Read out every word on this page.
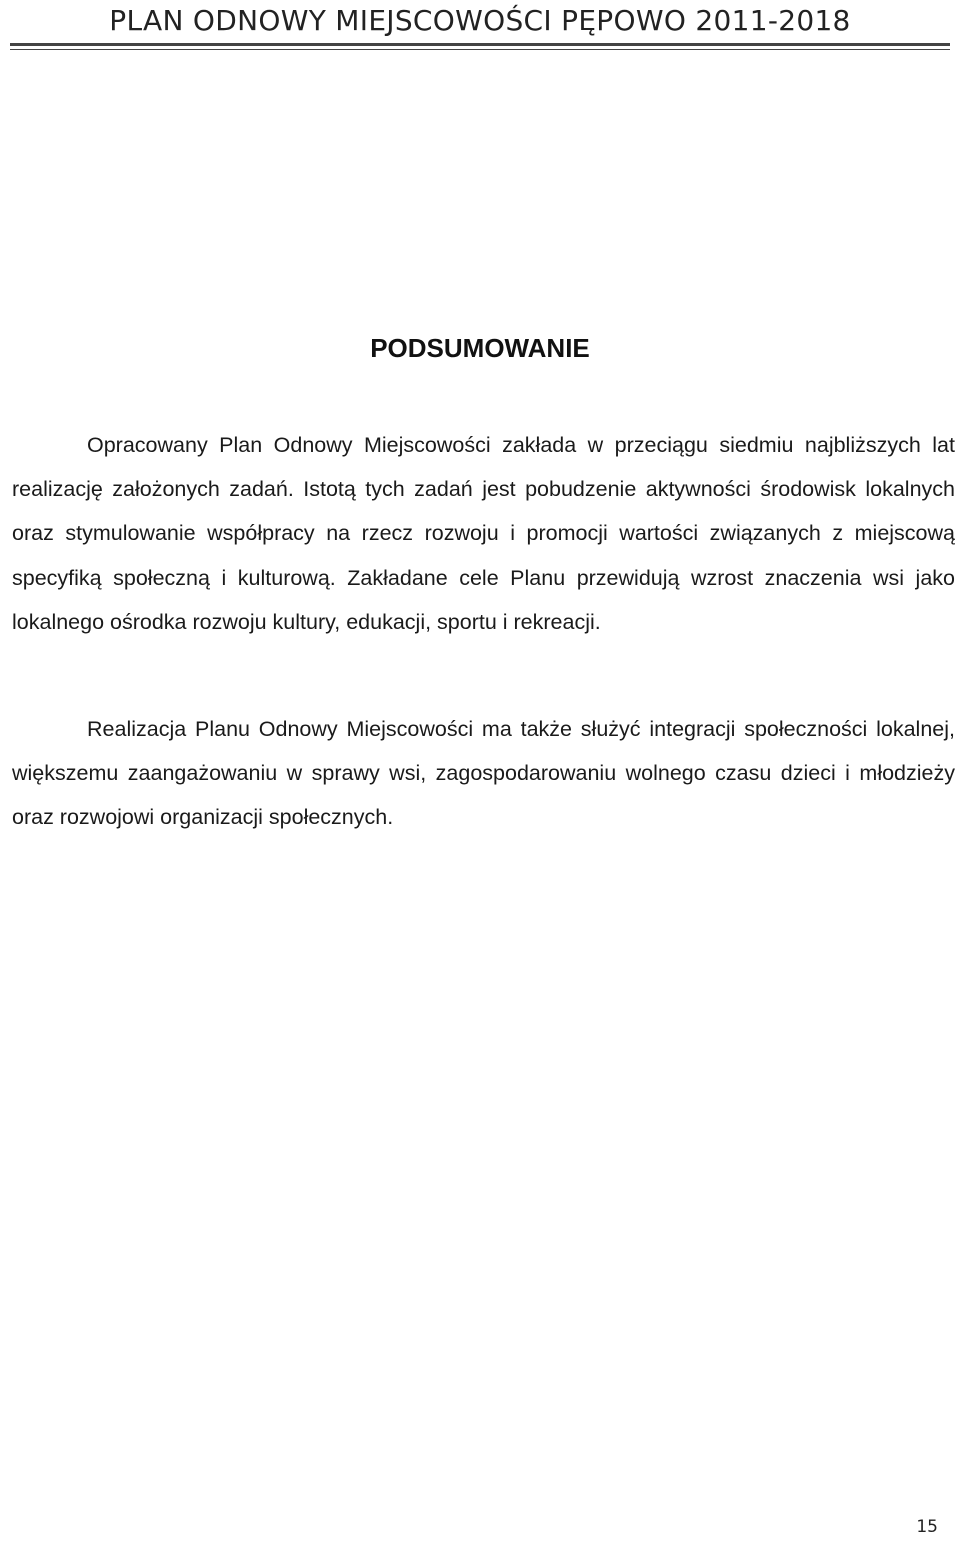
PLAN ODNOWY MIEJSCOWOŚCI PĘPOWO 2011-2018
PODSUMOWANIE

Opracowany Plan Odnowy Miejscowości zakłada w przeciągu siedmiu najbliższych lat realizację założonych zadań. Istotą tych zadań jest pobudzenie aktywności środowisk lokalnych oraz stymulowanie współpracy na rzecz rozwoju i promocji wartości związanych z miejscową specyfiką społeczną i kulturową. Zakładane cele Planu przewidują wzrost znaczenia wsi jako lokalnego ośrodka rozwoju kultury, edukacji, sportu i rekreacji.

Realizacja Planu Odnowy Miejscowości ma także służyć integracji społeczności lokalnej, większemu zaangażowaniu w sprawy wsi, zagospodarowaniu wolnego czasu dzieci i młodzieży oraz rozwojowi organizacji społecznych.

15
